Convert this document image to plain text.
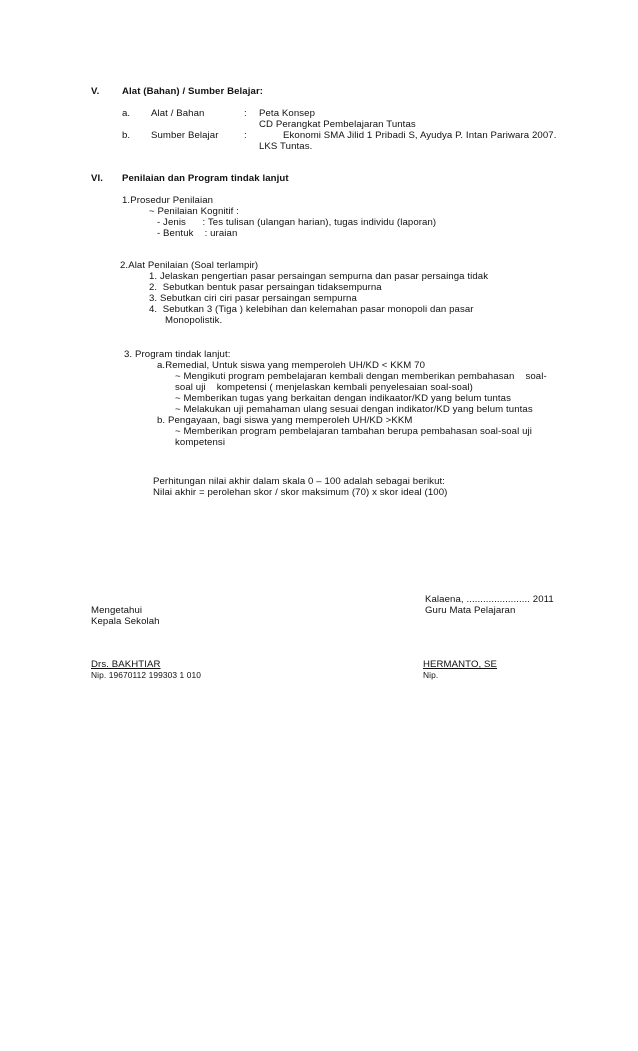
V. Alat (Bahan) / Sumber Belajar:
a. Alat / Bahan	: Peta Konsep
CD Perangkat Pembelajaran Tuntas
b. Sumber Belajar	:	Ekonomi SMA Jilid 1 Pribadi S, Ayudya P. Intan Pariwara 2007.
LKS Tuntas.
VI. Penilaian dan Program tindak lanjut
1.Prosedur Penilaian
~ Penilaian Kognitif :
- Jenis      : Tes tulisan (ulangan harian), tugas individu (laporan)
- Bentuk    : uraian
2.Alat Penilaian (Soal terlampir)
1. Jelaskan pengertian pasar persaingan sempurna dan pasar persainga tidak
2.  Sebutkan bentuk pasar persaingan tidaksempurna
3. Sebutkan ciri ciri pasar persaingan sempurna
4.  Sebutkan 3 (Tiga ) kelebihan dan kelemahan pasar monopoli dan pasar
Monopolistik.
3. Program tindak lanjut:
a.Remedial, Untuk siswa yang memperoleh UH/KD < KKM 70
~ Mengikuti program pembelajaran kembali dengan memberikan pembahasan    soal-
soal uji    kompetensi ( menjelaskan kembali penyelesaian soal-soal)
~ Memberikan tugas yang berkaitan dengan indikaator/KD yang belum tuntas
~ Melakukan uji pemahaman ulang sesuai dengan indikator/KD yang belum tuntas
b. Pengayaan, bagi siswa yang memperoleh UH/KD >KKM
~ Memberikan program pembelajaran tambahan berupa pembahasan soal-soal uji
kompetensi
Perhitungan nilai akhir dalam skala 0 – 100 adalah sebagai berikut:
Nilai akhir = perolehan skor / skor maksimum (70) x skor ideal (100)
Kalaena, ....................... 2011
Mengetahui	Guru Mata Pelajaran
Kepala Sekolah
Drs. BAKHTIAR	HERMANTO, SE
Nip. 19670112 199303 1 010	Nip.
